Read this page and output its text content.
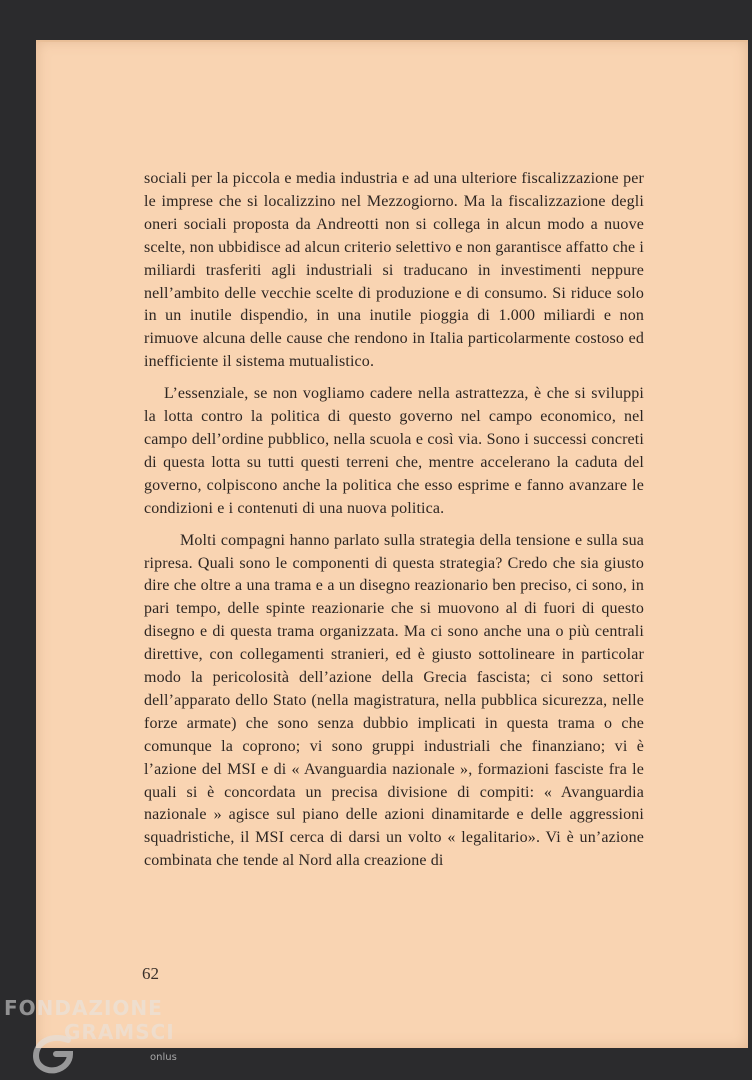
sociali per la piccola e media industria e ad una ulteriore fiscalizzazione per le imprese che si localizzino nel Mezzogiorno. Ma la fiscalizzazione degli oneri sociali proposta da Andreotti non si collega in alcun modo a nuove scelte, non ubbidisce ad alcun criterio selettivo e non garantisce affatto che i miliardi trasferiti agli industriali si traducano in investimenti neppure nell’ambito delle vecchie scelte di produzione e di consumo. Si riduce solo in un inutile dispendio, in una inutile pioggia di 1.000 miliardi e non rimuove alcuna delle cause che rendono in Italia particolarmente costoso ed inefficiente il sistema mutualistico.

L’essenziale, se non vogliamo cadere nella astrattezza, è che si sviluppi la lotta contro la politica di questo governo nel campo economico, nel campo dell’ordine pubblico, nella scuola e così via. Sono i successi concreti di questa lotta su tutti questi terreni che, mentre accelerano la caduta del governo, colpiscono anche la politica che esso esprime e fanno avanzare le condizioni e i contenuti di una nuova politica.

Molti compagni hanno parlato sulla strategia della tensione e sulla sua ripresa. Quali sono le componenti di questa strategia? Credo che sia giusto dire che oltre a una trama e a un disegno reazionario ben preciso, ci sono, in pari tempo, delle spinte reazionarie che si muovono al di fuori di questo disegno e di questa trama organizzata. Ma ci sono anche una o più centrali direttive, con collegamenti stranieri, ed è giusto sottolineare in particolar modo la pericolosità dell’azione della Grecia fascista; ci sono settori dell’apparato dello Stato (nella magistratura, nella pubblica sicurezza, nelle forze armate) che sono senza dubbio implicati in questa trama o che comunque la coprono; vi sono gruppi industriali che finanziano; vi è l’azione del MSI e di « Avanguardia nazionale », formazioni fasciste fra le quali si è concordata un precisa divisione di compiti: « Avanguardia nazionale » agisce sul piano delle azioni dinamitarde e delle aggressioni squadristiche, il MSI cerca di darsi un volto « legalitario». Vi è un’azione combinata che tende al Nord alla creazione di

62
FONDAZIONE
GRAMSCI
onlus
